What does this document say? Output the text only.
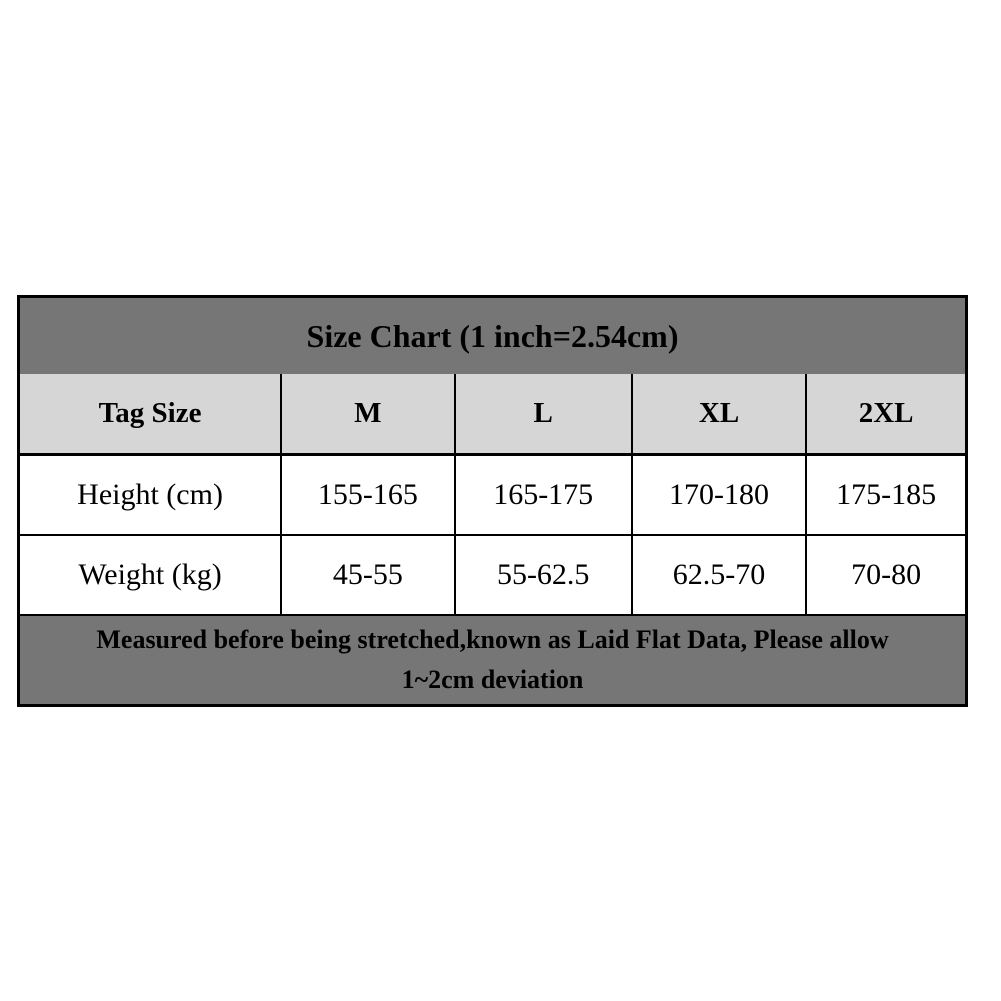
Size Chart (1 inch=2.54cm)				
Tag Size	M	L	XL	2XL
Height (cm)	155-165	165-175	170-180	175-185
Weight (kg)	45-55	55-62.5	62.5-70	70-80

Measured before being stretched,known as Laid Flat Data, Please allow
1~2cm deviation				
